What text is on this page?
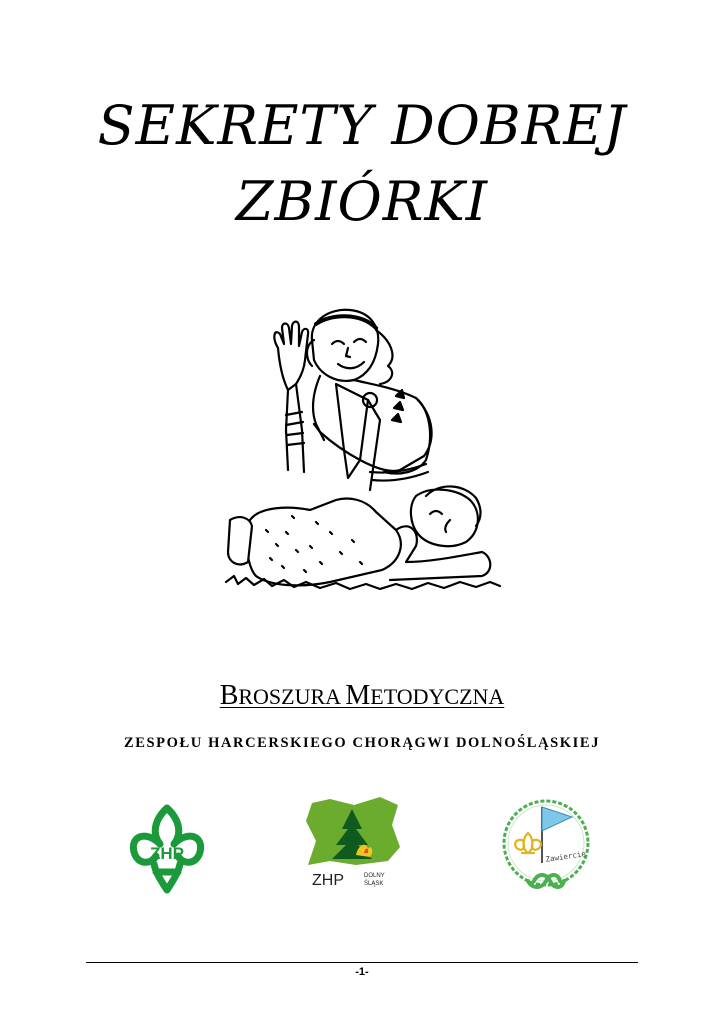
SEKRETY DOBREJ
ZBIÓRKI
BROSZURA METODYCZNA
ZESPOŁU HARCERSKIEGO CHORĄGWI DOLNOŚLĄSKIEJ
ZHP
ZHP	DOLNY
ŚLĄSK
Zawiercie
-1-
